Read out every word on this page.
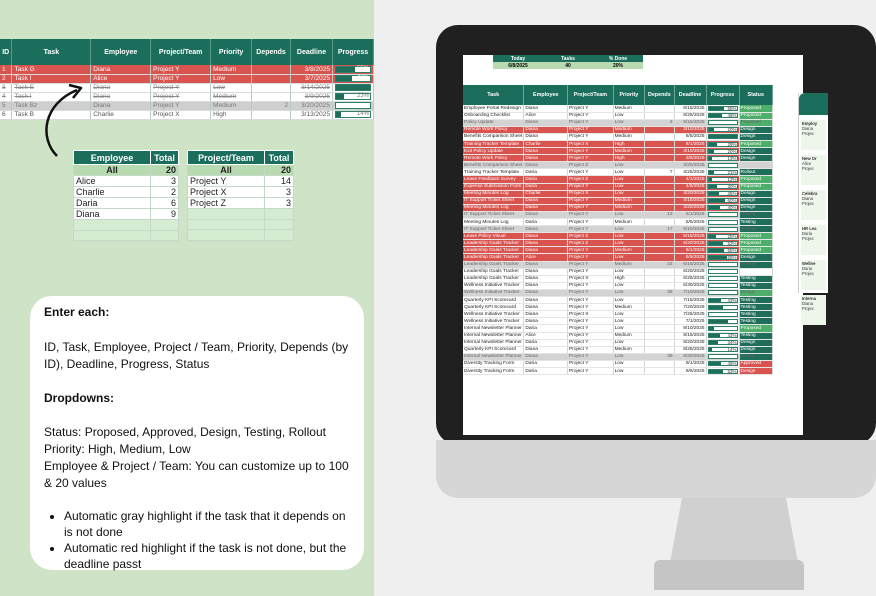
ID	Task	Employee	Project/Team	Priority	Depends	Deadline	Progress
1	Task G	Diana	Project Y	Medium		3/8/2025	55%

2	Task I	Alice	Project Y	Low		3/7/2025	48%

3	Task E	Diana	Project Y	Low		3/14/2025	

4	Task I	Diana	Project Y	Medium		3/9/2025	23%

5	Task Bz	Diana	Project Y	Medium	2	3/20/2025	

6	Task B	Charlie	Project X	High		3/13/2025	14%
Employee	Total
All	20
Alice	3
Charlie	2
Daria	6
Diana	9

Project/Team	Total
All	20
Project Y	14
Project X	3
Project Z	3

Enter each:

ID, Task, Employee, Project / Team, Priority, Depends (by ID), Deadline, Progress, Status

Dropdowns:
Status: Proposed, Approved, Design, Testing, Rollout
Priority: High, Medium, Low
Employee & Project / Team: You can customize up to 100 & 20 values
• Automatic gray highlight if the task that it depends on is not done
• Automatic red highlight if the task is not done, but the deadline passt
Today	Tasks	% Done
6/8/2025	40	20%
Task	Employee	Project/Team	Priority	Depends	Deadline	Progress	Status
Employee Portal Redesign	Diana	Project Y	Medium		8/15/2025	55%	Proposed
Onboarding Checklist	Alice	Project Y	Low		8/25/2025	48%	Proposed
Policy Update	Diana	Project Y	Low	2	6/15/2025		Proposed
Remote Work Policy	Diana	Project Y	Medium		3/10/2025	20%	Design
Benefits Comparison Sheet	Diana	Project Y	Medium		6/5/2025		Design
Training Tracker Template	Charlie	Project X	High		6/1/2025	29%	Proposed
Exit Policy Update	Diana	Project Y	Medium		3/10/2025	20%	Design
Remote Work Policy	Diana	Project Y	High		3/5/2025	13%	Design
Benefits Comparison Sheet	Diana	Project Z	Low		3/20/2025	

Training Tracker Template	Daria	Project Y	Low	7	3/25/2025	21%	Rollout
Leave Feedback Survey	Daria	Project Z	Low		4/1/2025	13%	Proposed
Expense Submission Form	Daria	Project Y	Low		4/5/2025	30%	Proposed
Meeting Minutes Log	Charlie	Project X	Low		4/20/2025	36%	Design
IT Support Ticket Sheet	Diana	Project Y	Medium		4/15/2025	60%	Design
Meeting Minutes Log	Diana	Project Y	Medium		4/20/2025	40%	Design
IT Support Ticket Sheet	Diana	Project Y	Low	13	5/1/2025		Testing
Meeting Minutes Log	Daria	Project Y	Medium		5/5/2025		Testing
IT Support Ticket Sheet	Diana	Project Y	Low	17	5/10/2025		Testing
Leave Policy Visual	Diana	Project Z	Low		5/15/2025	25%	Proposed
Leadership Goals Tracker	Diana	Project Z	Low		5/20/2025	53%	Proposed
Leadership Goals Tracker	Diana	Project Y	Medium		6/1/2025	55%	Proposed
Leadership Goals Tracker	Alice	Project Y	Low		6/5/2025	65%	Design
Leadership Goals Tracker	Diana	Project Y	Medium	22	6/15/2025		Testing
Leadership Goals Tracker	Diana	Project Y	Low		6/20/2025	

Leadership Goals Tracker	Diana	Project X	High		6/25/2025		Testing
Wellness Initiative Tracker	Diana	Project Y	Low		6/30/2025		Testing
Wellness Initiative Tracker	Diana	Project Y	Low	28	7/10/2025		Design
Quarterly KPI Scorecard	Diana	Project Y	Low		7/15/2025	43%	Testing
Quarterly KPI Scorecard	Diana	Project Y	Medium		7/20/2025		Testing
Wellness Initiative Tracker	Diana	Project X	Low		7/25/2025		Testing
Wellness Initiative Tracker	Diana	Project Y	Low		7/1/2025		Testing
Internal Newsletter Planner	Daria	Project Y	Low		8/10/2025		Proposed
Internal Newsletter Planner	Alice	Project Y	Medium		8/15/2025	42%	Testing
Internal Newsletter Planner	Daria	Project Y	Low		8/20/2025	34%	Design
Quarterly KPI Scorecard	Diana	Project Y	Medium		8/25/2025	14%	Design
Internal Newsletter Planner	Diana	Project Y	Low	39	8/30/2025		Design
Diversity Tracking Form	Daria	Project Y	Low		9/1/2025	45%	Approved
Diversity Tracking Form	Daria	Project Y	Low		9/5/2025	53%	Design
Employ
Diana
Projec
New Or
Alice
Projec
Celebra
Diana
Projec
HR Lea
Daria
Projec
Wellne
Daria
Projec
Interna
Diana
Projec
